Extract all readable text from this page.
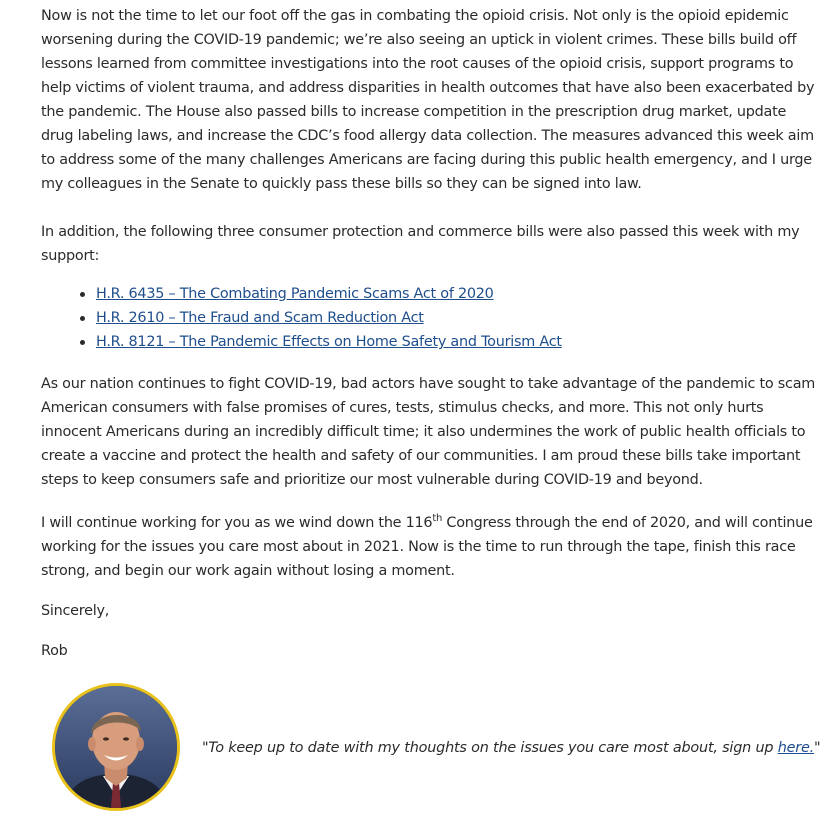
Now is not the time to let our foot off the gas in combating the opioid crisis. Not only is the opioid epidemic worsening during the COVID-19 pandemic; we’re also seeing an uptick in violent crimes. These bills build off lessons learned from committee investigations into the root causes of the opioid crisis, support programs to help victims of violent trauma, and address disparities in health outcomes that have also been exacerbated by the pandemic. The House also passed bills to increase competition in the prescription drug market, update drug labeling laws, and increase the CDC’s food allergy data collection. The measures advanced this week aim to address some of the many challenges Americans are facing during this public health emergency, and I urge my colleagues in the Senate to quickly pass these bills so they can be signed into law.

In addition, the following three consumer protection and commerce bills were also passed this week with my support:

H.R. 6435 – The Combating Pandemic Scams Act of 2020
H.R. 2610 – The Fraud and Scam Reduction Act
H.R. 8121 – The Pandemic Effects on Home Safety and Tourism Act

As our nation continues to fight COVID-19, bad actors have sought to take advantage of the pandemic to scam American consumers with false promises of cures, tests, stimulus checks, and more. This not only hurts innocent Americans during an incredibly difficult time; it also undermines the work of public health officials to create a vaccine and protect the health and safety of our communities. I am proud these bills take important steps to keep consumers safe and prioritize our most vulnerable during COVID-19 and beyond.

I will continue working for you as we wind down the 116th Congress through the end of 2020, and will continue working for the issues you care most about in 2021. Now is the time to run through the tape, finish this race strong, and begin our work again without losing a moment.

Sincerely,

Rob

"To keep up to date with my thoughts on the issues you care most about, sign up here."
